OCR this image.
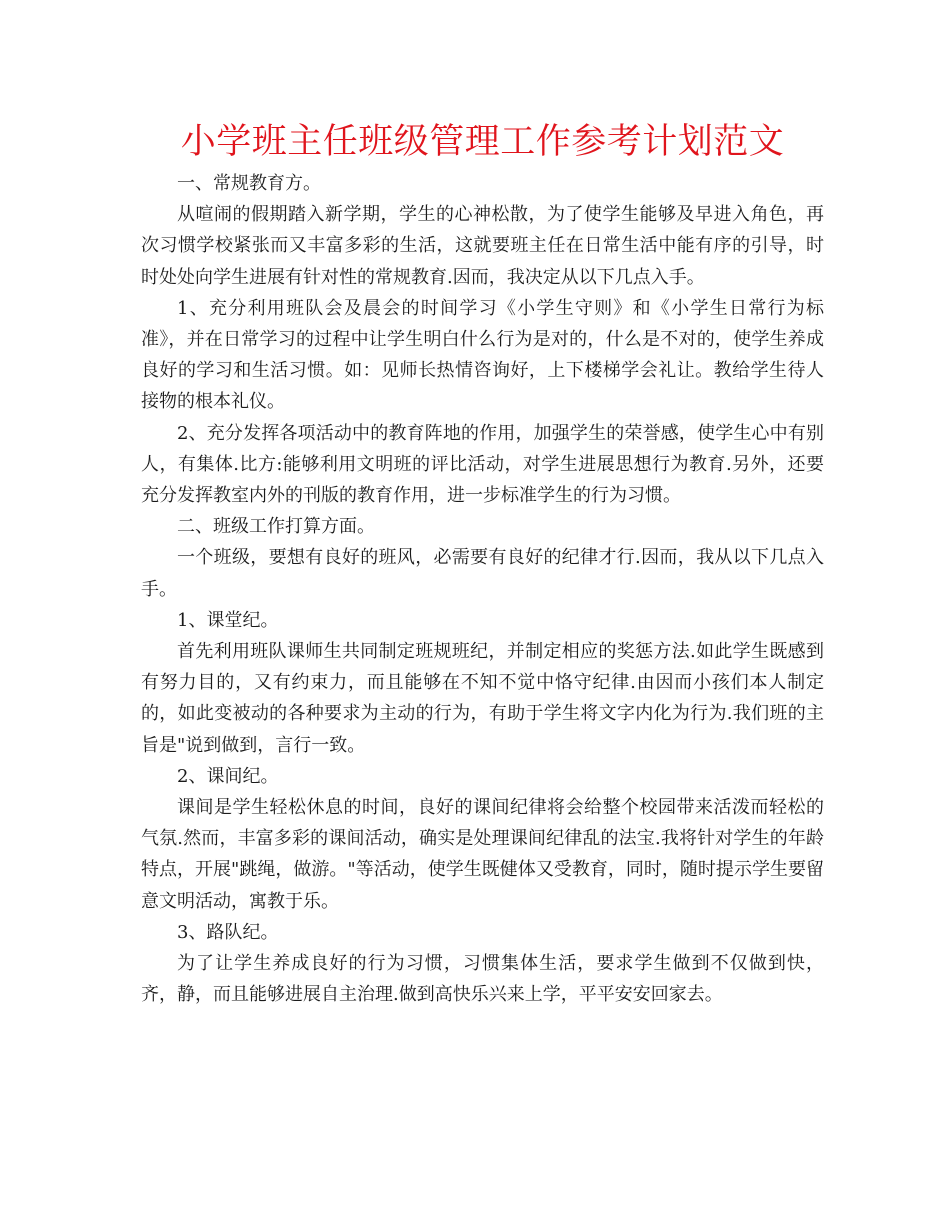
小学班主任班级管理工作参考计划范文

一、常规教育方。

从喧闹的假期踏入新学期，学生的心神松散，为了使学生能够及早进入角色，再次习惯学校紧张而又丰富多彩的生活，这就要班主任在日常生活中能有序的引导，时时处处向学生进展有针对性的常规教育.因而，我决定从以下几点入手。

1、充分利用班队会及晨会的时间学习《小学生守则》和《小学生日常行为标准》，并在日常学习的过程中让学生明白什么行为是对的，什么是不对的，使学生养成良好的学习和生活习惯。如：见师长热情咨询好，上下楼梯学会礼让。教给学生待人接物的根本礼仪。

2、充分发挥各项活动中的教育阵地的作用，加强学生的荣誉感，使学生心中有别人，有集体.比方:能够利用文明班的评比活动，对学生进展思想行为教育.另外，还要充分发挥教室内外的刊版的教育作用，进一步标准学生的行为习惯。

二、班级工作打算方面。

一个班级，要想有良好的班风，必需要有良好的纪律才行.因而，我从以下几点入手。

1、课堂纪。

首先利用班队课师生共同制定班规班纪，并制定相应的奖惩方法.如此学生既感到有努力目的，又有约束力，而且能够在不知不觉中恪守纪律.由因而小孩们本人制定的，如此变被动的各种要求为主动的行为，有助于学生将文字内化为行为.我们班的主旨是"说到做到，言行一致。

2、课间纪。

课间是学生轻松休息的时间，良好的课间纪律将会给整个校园带来活泼而轻松的气氛.然而，丰富多彩的课间活动，确实是处理课间纪律乱的法宝.我将针对学生的年龄特点，开展"跳绳，做游。"等活动，使学生既健体又受教育，同时，随时提示学生要留意文明活动，寓教于乐。

3、路队纪。

为了让学生养成良好的行为习惯，习惯集体生活，要求学生做到不仅做到快，齐，静，而且能够进展自主治理.做到高快乐兴来上学，平平安安回家去。
